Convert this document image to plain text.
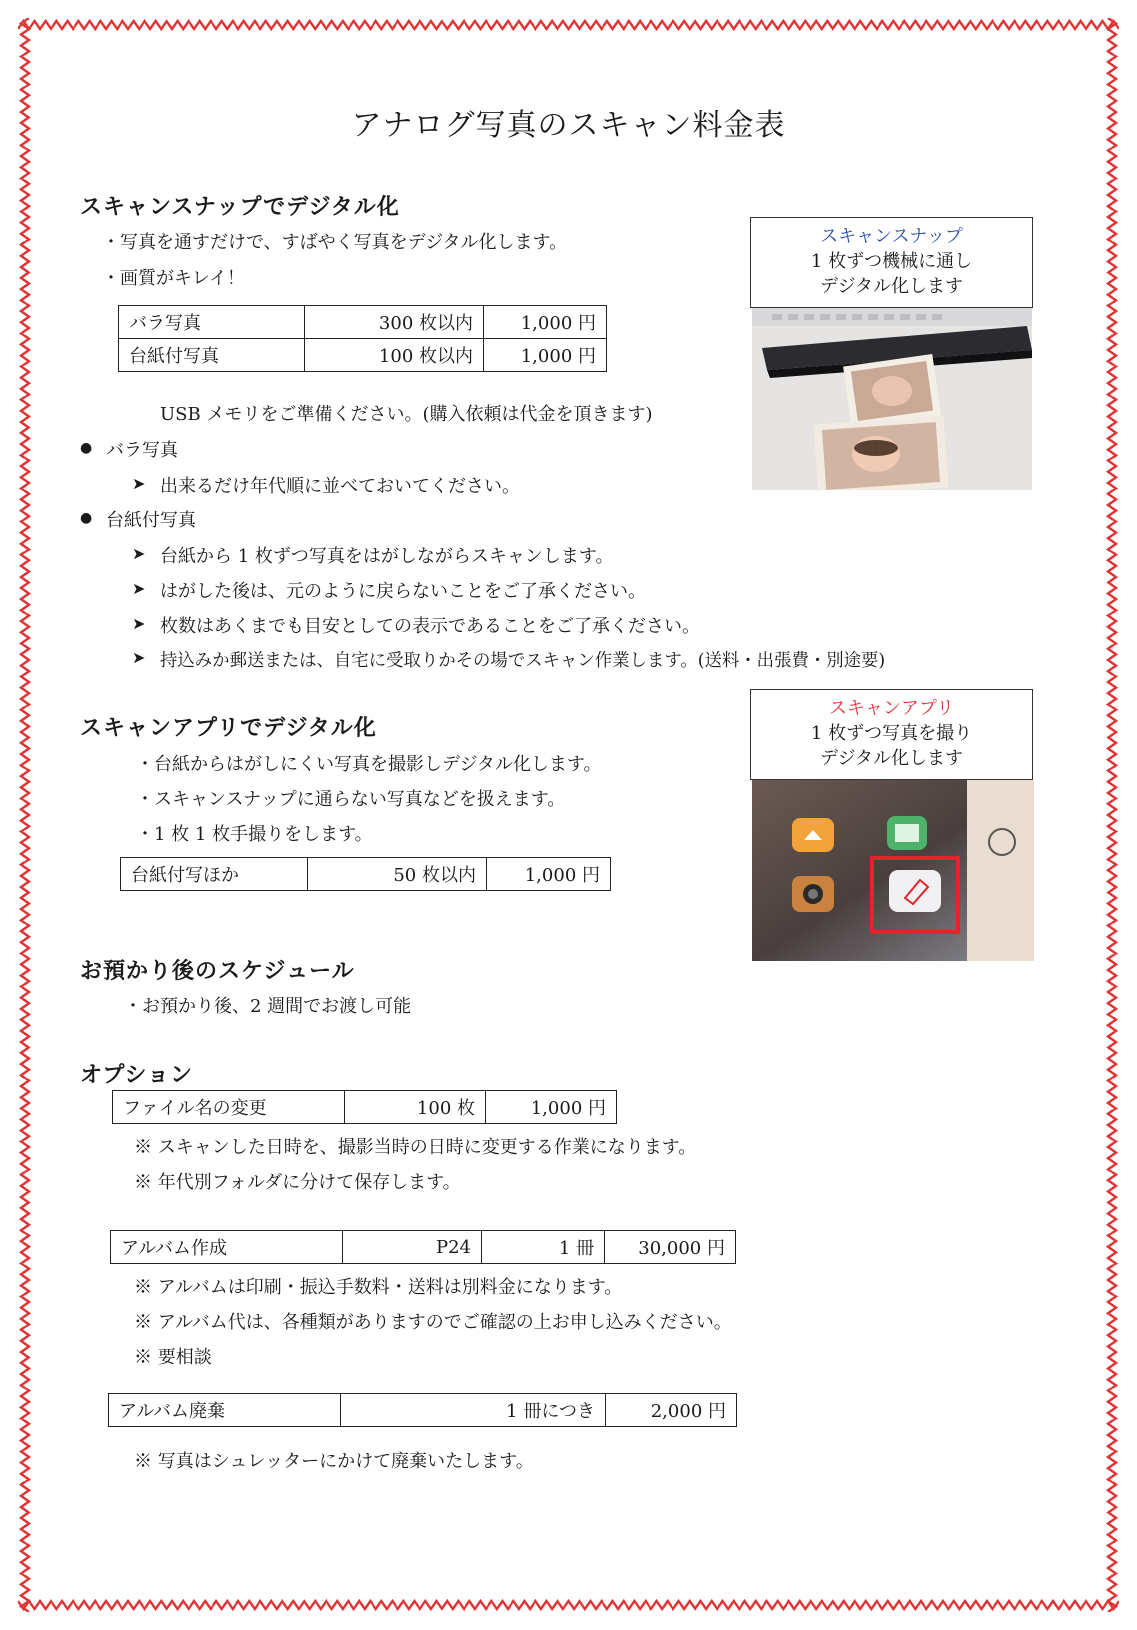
アナログ写真のスキャン料金表
スキャンスナップでデジタル化
・写真を通すだけで、すばやく写真をデジタル化します。
・画質がキレイ！
バラ写真	300 枚以内	1,000 円
台紙付写真	100 枚以内	1,000 円
USB メモリをご準備ください。(購入依頼は代金を頂きます)
● バラ写真
➤ 出来るだけ年代順に並べておいてください。
● 台紙付写真
➤ 台紙から 1 枚ずつ写真をはがしながらスキャンします。
➤ はがした後は、元のように戻らないことをご了承ください。
➤ 枚数はあくまでも目安としての表示であることをご了承ください。
➤ 持込みか郵送または、自宅に受取りかその場でスキャン作業します。(送料・出張費・別途要)
スキャンスナップ
1 枚ずつ機械に通し
デジタル化します
スキャンアプリでデジタル化
・台紙からはがしにくい写真を撮影しデジタル化します。
・スキャンスナップに通らない写真などを扱えます。
・1 枚 1 枚手撮りをします。
台紙付写ほか	50 枚以内	1,000 円
スキャンアプリ
1 枚ずつ写真を撮り
デジタル化します
お預かり後のスケジュール
・お預かり後、2 週間でお渡し可能
オプション
ファイル名の変更	100 枚	1,000 円
※ スキャンした日時を、撮影当時の日時に変更する作業になります。
※ 年代別フォルダに分けて保存します。
アルバム作成	P24	1 冊	30,000 円
※ アルバムは印刷・振込手数料・送料は別料金になります。
※ アルバム代は、各種類がありますのでご確認の上お申し込みください。
※ 要相談
アルバム廃棄	1 冊につき	2,000 円
※ 写真はシュレッターにかけて廃棄いたします。
